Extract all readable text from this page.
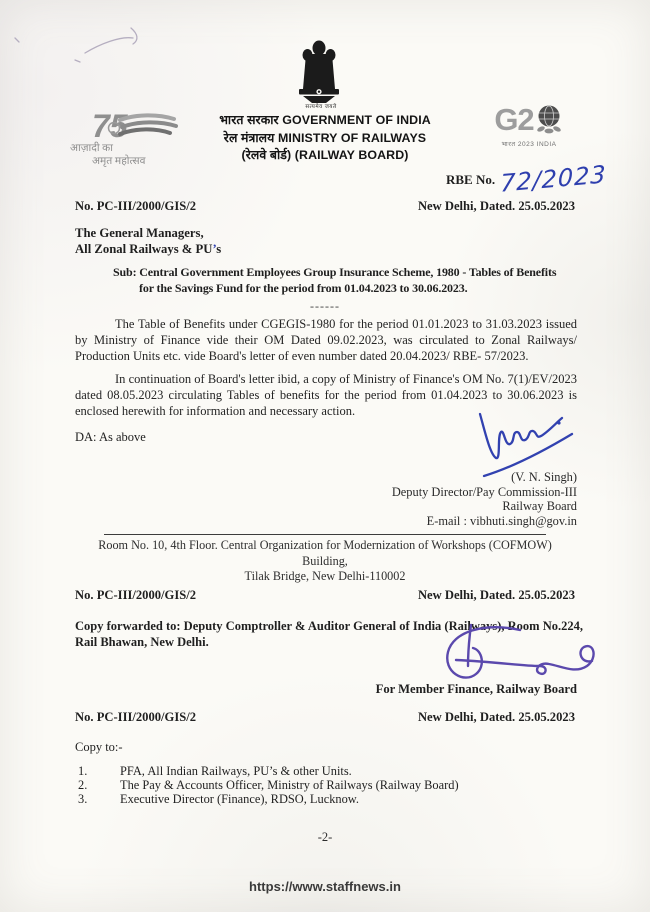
सत्यमेव जयते
75
आज़ादी का
अमृत महोत्सव
भारत सरकार GOVERNMENT OF INDIA
रेल मंत्रालय MINISTRY OF RAILWAYS
(रेलवे बोर्ड) (RAILWAY BOARD)
G2
भारत 2023 INDIA
RBE No. 72/2023
No. PC-III/2000/GIS/2	New Delhi, Dated. 25.05.2023
The General Managers,
All Zonal Railways & PU’s
Sub: Central Government Employees Group Insurance Scheme, 1980 - Tables of Benefits
for the Savings Fund for the period from 01.04.2023 to 30.06.2023.
------
The Table of Benefits under CGEGIS-1980 for the period 01.01.2023 to 31.03.2023 issued by Ministry of Finance vide their OM Dated 09.02.2023, was circulated to Zonal Railways/ Production Units etc. vide Board's letter of even number dated 20.04.2023/ RBE- 57/2023.
In continuation of Board's letter ibid, a copy of Ministry of Finance's OM No. 7(1)/EV/2023 dated 08.05.2023 circulating Tables of benefits for the period from 01.04.2023 to 30.06.2023 is enclosed herewith for information and necessary action.
DA: As above
(V. N. Singh)
Deputy Director/Pay Commission-III
Railway Board
E-mail : vibhuti.singh@gov.in
Room No. 10, 4th Floor. Central Organization for Modernization of Workshops (COFMOW) Building,
Tilak Bridge, New Delhi-110002
No. PC-III/2000/GIS/2	New Delhi, Dated. 25.05.2023
Copy forwarded to: Deputy Comptroller & Auditor General of India (Railways), Room No.224,
Rail Bhawan, New Delhi.
For Member Finance, Railway Board
No. PC-III/2000/GIS/2	New Delhi, Dated. 25.05.2023
Copy to:-
1.	PFA, All Indian Railways, PU’s & other Units.
2.	The Pay & Accounts Officer, Ministry of Railways (Railway Board)
3.	Executive Director (Finance), RDSO, Lucknow.
-2-
https://www.staffnews.in
